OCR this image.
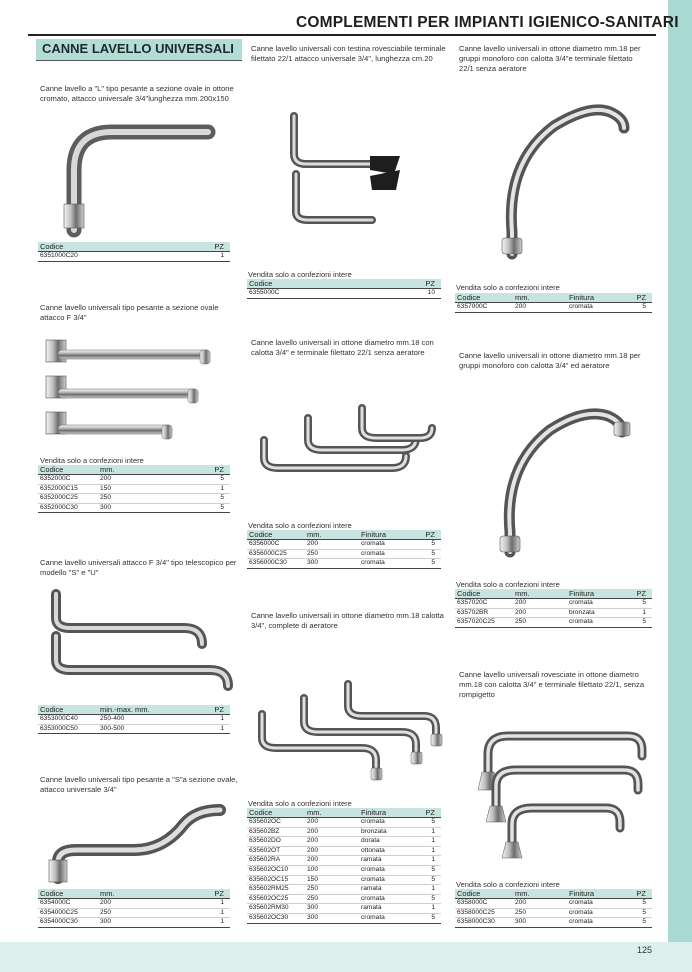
125
COMPLEMENTI PER IMPIANTI IGIENICO-SANITARI
CANNE LAVELLO UNIVERSALI
Canne lavello a "L" tipo pesante a sezione ovale in ottone cromato, attacco universale 3/4"lunghezza mm.200x150
Codice	PZ
6351000C20	1
Canne lavello universali tipo pesante a sezione ovale attacco F 3/4"
Vendita solo a confezioni intere
Codice	mm.	PZ
6352000C	200	5
6352000C15	150	1
6352000C25	250	5
6352000C30	300	5
Canne lavello universali attacco F 3/4" tipo telescopico per modello "S" e "U"
Codice	min.-max. mm.	PZ
6353000C40	250-400	1
6353000C50	300-500	1
Canne lavello universali tipo pesante a "S"a sezione ovale, attacco universale 3/4"
Codice	mm.	PZ
6354000C	200	1
6354000C25	250	1
6354000C30	300	1
Canne lavello universali con testina rovesciabile terminale filettato 22/1 attacco universale 3/4", lunghezza cm.20
Vendita solo a confezioni intere
Codice	PZ
6355000C	10
Canne lavello universali in ottone diametro mm.18 con calotta 3/4" e terminale filettato 22/1 senza aeratore
Vendita solo a confezioni intere
Codice	mm.	Finitura	PZ
6356000C	200	cromata	5
6356000C25	250	cromata	5
6356000C30	300	cromata	5
Canne lavello universali in ottone diametro mm.18 calotta 3/4", complete di aeratore
Vendita solo a confezioni intere
Codice	mm.	Finitura	PZ
635602OC	200	cromata	5
635602BZ	200	bronzata	1
635602DO	200	dorata	1
635602OT	200	ottonata	1
635602RA	200	ramata	1
635602OC10	100	cromata	5
635602OC15	150	cromata	5
635602RM25	250	ramata	1
635602OC25	250	cromata	5
635602RM30	300	ramata	1
635602OC30	300	cromata	5
Canne lavello universali in ottone diametro mm.18 per gruppi monoforo con calotta 3/4"e terminale filettato 22/1 senza aeratore
Vendita solo a confezioni intere
Codice	mm.	Finitura	PZ
6357000C	200	cromata	5
Canne lavello universali in ottone diametro mm.18 per gruppi monoforo con calotta 3/4" ed aeratore
Vendita solo a confezioni intere
Codice	mm.	Finitura	PZ
6357020C	200	cromata	5
635702BR	200	bronzata	1
6357020C25	250	cromata	5
Canne lavello universali rovesciate in ottone diametro mm.18 con calotta 3/4" e terminale filettato 22/1, senza rompigetto
Vendita solo a confezioni intere
Codice	mm.	Finitura	PZ
6358000C	200	cromata	5
6358000C25	250	cromata	5
6358000C30	300	cromata	5
